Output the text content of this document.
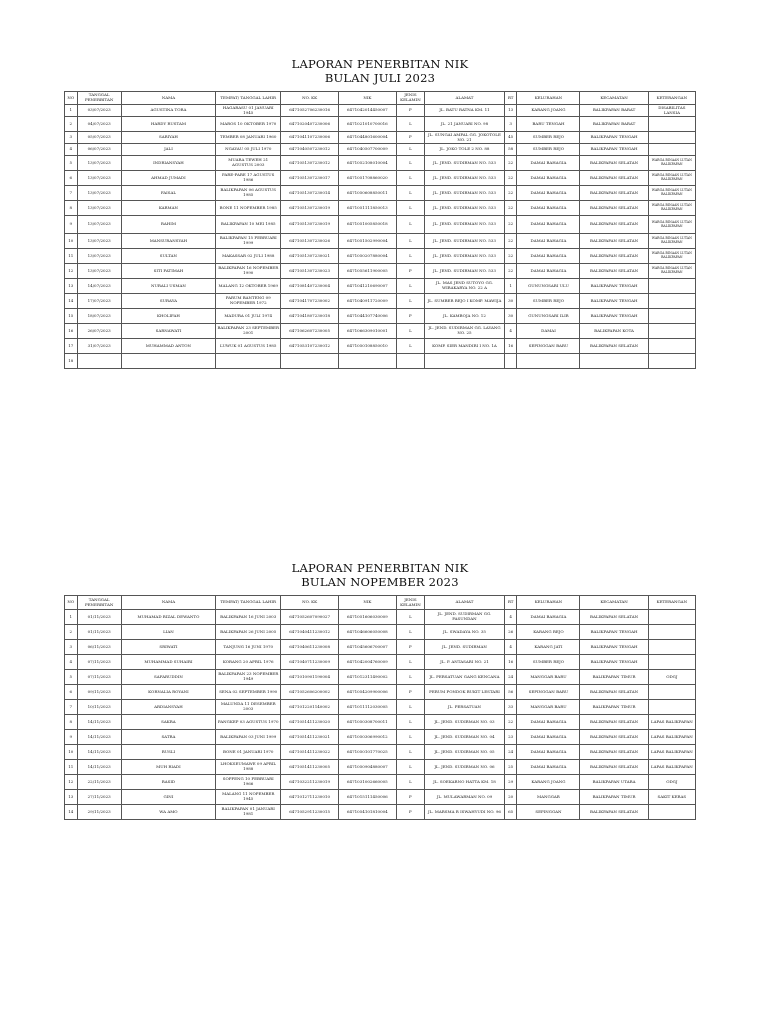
LAPORAN PENERBITAN NIK
BULAN JULI 2023
NO	TANGGAL PENERBITAN	NAMA	TEMPAT/ TANGGAL LAHIR	NO. KK	NIK	JENIS KELAMIN	ALAMAT	RT	KELURAHAN	KECAMATAN	KETERANGAN
1	03/07/2023	AGUSTINA TORA	HAGARASU 01 JANUARI 1945	6471052706230016	6471042014450007	P	JL. BATU RATNA KM. 11	13	KARANG JOANG	BALIKPAPAN BARAT	DISABILITAS LANSIA
2	04/07/2023	HARDY RUSTAM	MAROS 10 OKTOBER 1970	6471020407230006	6471021010700016	L	JL. 21 JANUARI NO. 98	3	BARU TENGAH	BALIKPAPAN BARAT	
3	05/07/2023	SARIYAH	TEMBER 08 JANUARI 1960	6471041107230006	6471044801600004	P	JL. SUNGAI AMPAL GG. JOKOTOLE NO. 21	45	SUMBER REJO	BALIKPAPAN TENGAH	
4	06/07/2023	JALI	NGAYAU 05 JULI 1970	6471040507230012	6471040507700009	L	JL. JOKO TOLE 2 NO. 88	58	SUMBER REJO	BALIKPAPAN TENGAH	
5	13/07/2023	INDRIANSYAH	MUARA TEWEH 21 AGUSTUS 2003	6471051307230012	6471052108010004	L	JL. JEND. SUDIRMAN NO. 533	22	DAMAI BAHAGIA	BALIKPAPAN SELATAN	WARGA BINAAN LUTAN BALIKPAPAN
6	13/07/2023	AHMAD JUMADI	PARE-PARE 17 AGUSTUS 1986	6471051307230017	6471051708860020	L	JL. JEND. SUDIRMAN NO. 533	22	DAMAI BAHAGIA	BALIKPAPAN SELATAN	WARGA BINAAN LUTAN BALIKPAPAN
7	13/07/2023	FAISAL	BALIKPAPAN 06 AGUSTUS 1985	6471051307230014	6471050608850011	L	JL. JEND. SUDIRMAN NO. 533	22	DAMAI BAHAGIA	BALIKPAPAN SELATAN	WARGA BINAAN LUTAN BALIKPAPAN
8	13/07/2023	KARMAN	BONE 11 NOPEMBER 1985	6471051307230019	6471051111850013	L	JL. JEND. SUDIRMAN NO. 533	22	DAMAI BAHAGIA	BALIKPAPAN SELATAN	WARGA BINAAN LUTAN BALIKPAPAN
9	13/07/2023	RAHIM	BALIKPAPAN 10 MEI 1985	6471051307230019	6471051005850018	L	JL. JEND. SUDIRMAN NO. 533	22	DAMAI BAHAGIA	BALIKPAPAN SELATAN	WARGA BINAAN LUTAN BALIKPAPAN
10	13/07/2023	MANSURANSYAH	BALIKPAPAN 15 FEBRUARI 1999	6471051307230026	6471051502990004	L	JL. JEND. SUDIRMAN NO. 533	22	DAMAI BAHAGIA	BALIKPAPAN SELATAN	WARGA BINAAN LUTAN BALIKPAPAN
11	13/07/2023	SULTAN	MAKASSAR 02 JULI 1988	6471051307230021	6471050207880004	L	JL. JEND. SUDIRMAN NO. 533	22	DAMAI BAHAGIA	BALIKPAPAN SELATAN	WARGA BINAAN LUTAN BALIKPAPAN
12	13/07/2023	SITI FATIMAH	BALIKPAPAN 16 NOPEMBER 1990	6471051307230023	6471055611900005	P	JL. JEND. SUDIRMAN NO. 533	22	DAMAI BAHAGIA	BALIKPAPAN SELATAN	WARGA BINAAN LUTAN BALIKPAPAN
13	14/07/2023	NURALI USMAN	MALANG 12 OKTOBER 1969	6471081407230004	6471041210690007	L	JL. MAS JEND SUTOYO GG. WIRAKARYA NO. 22 A	1	GUNUNGSARI ULU	BALIKPAPAN TENGAH	
14	17/07/2023	SURAYA	PARUM BANTENG 09 NOPEMBER 1972	6471041707230002	6471040911720009	L	JL. SUMBER REJO I KOMP. MAWIJA	30	SUMBER REJO	BALIKPAPAN TENGAH	
15	18/07/2023	KHOLIFAH	MADURA 01 JULI 1974	6471041807230018	6471044107740006	P	JL. KAMBOJA NO. 12	30	GUNUNGSARI ILIR	BALIKPAPAN TENGAH	
16	26/07/2023	SARNAWATI	BALIKPAPAN 23 SEPTEMBER 2001	6471062607230005	6471066309010001	L	JL. JEND. SUDIRMAN GG. LAYANG NO. 25	4	DAMAI	BALIKPAPAN KOTA	
17	31/07/2023	MUHAMMAD ANTON	LUWUK 01 AGUSTUS 1985	6471053107230012	6471050108850010	L	KOMP. SIER MANDIRI I NO. 1A	16	SEPINGGAN BARU	BALIKPAPAN SELATAN	
18											
LAPORAN PENERBITAN NIK
BULAN NOPEMBER 2023
NO	TANGGAL PENERBITAN	NAMA	TEMPAT/ TANGGAL LAHIR	NO. KK	NIK	JENIS KELAMIN	ALAMAT	RT	KELURAHAN	KECAMATAN	KETERANGAN
1	01/11/2023	MUHAMAD RIZAL DEWANTO	BALIKPAPAN 16 JUNI 2003	6471052607090027	6471051606030009	L	JL. JEND. SUDIRMAN GG. PASUNDAN	4	DAMAI BAHAGIA	BALIKPAPAN SELATAN	
2	01/11/2023	LIAN	BALIKPAPAN 26 JUNI 2005	6471040411230012	6471046606050008	L	JL. SWADAYA NO. 35	26	KARANG REJO	BALIKPAPAN TENGAH	
3	06/11/2023	SRIWATI	TANJUNG 16 JUNI 1970	6471040611230008	6471045606700007	P	JL. JEND. SUDIRMAN	4	KARANG JATI	BALIKPAPAN TENGAH	
4	07/11/2023	MUHAMMAD SUHAIRI	KORANG 20 APRIL 1976	6471040711230009	6471042004760009	L	JL. P. ANTASARI NO. 21	16	SUMBER REJO	BALIKPAPAN TENGAH	
5	07/11/2023	SAFARUDDIN	BALIKPAPAN 23 NOPEMBER 1949	6471010901190004	6471012311490002	L	JL. PERSATUAN GANG KENCANA	24	MANGGAR BARU	BALIKPAPAN TIMUR	ODGJ
6	09/11/2023	KORNALIA ROYANI	SENA 02 SEPTEMBER 1990	6471052606200002	6471054209900006	P	PERUM PONDOK BUKIT LESTARI	56	SEPINGGAN BARU	BALIKPAPAN SELATAN	
7	10/11/2023	ARDIANSYAH	MALUNDA 11 DESEMBER 2003	6471012201140002	6471011112030005	L	JL. PERSATUAN	33	MANGGAR BARU	BALIKPAPAN TIMUR	
8	14/11/2023	SAKRA	PANGKEP 03 AGUSTUS 1970	6471051411230020	6471050308700011	L	JL. JEND. SUDIRMAN NO. 03	22	DAMAI BAHAGIA	BALIKPAPAN SELATAN	LAPAS BALIKPAPAN
9	14/11/2023	SATRA	BALIKPAPAN 03 JUNI 1999	6471051411230021	6471050306990012	L	JL. JEND. SUDIRMAN NO. 04	23	DAMAI BAHAGIA	BALIKPAPAN SELATAN	LAPAS BALIKPAPAN
10	14/11/2023	RUSLI	BONE 01 JANUARI 1970	6471051411230022	6471050101770025	L	JL. JEND. SUDIRMAN NO. 05	24	DAMAI BAHAGIA	BALIKPAPAN SELATAN	LAPAS BALIKPAPAN
11	14/11/2023	MUH RIADI	LHOKSEUMAWE 09 APRIL 1988	6471051411230005	6471050904880007	L	JL. JEND. SUDIRMAN NO. 06	25	DAMAI BAHAGIA	BALIKPAPAN SELATAN	LAPAS BALIKPAPAN
12	22/11/2023	RASID	SOPPENG 10 FEBRUARI 1966	6471032211230019	6471031002660005	L	JL. SOEKARNO HATTA KM. 18	29	KARANG JOANG	BALIKPAPAN UTARA	ODGJ
13	27/11/2023	GINI	MALANG 11 NOPEMBER 1945	6471012711230010	6471015111450006	P	JL. MULAWARMAN NO. 09	20	MANGGAR	BALIKPAPAN TIMUR	SAKIT KERAS
14	29/11/2023	WA AMO	BALIKPAPAN 01 JANUARI 1981	6471052911230015	6471054101810004	P	JL. MARSMA R ISWAHYUDI NO. 96	65	SEPINGGAN	BALIKPAPAN SELATAN	
